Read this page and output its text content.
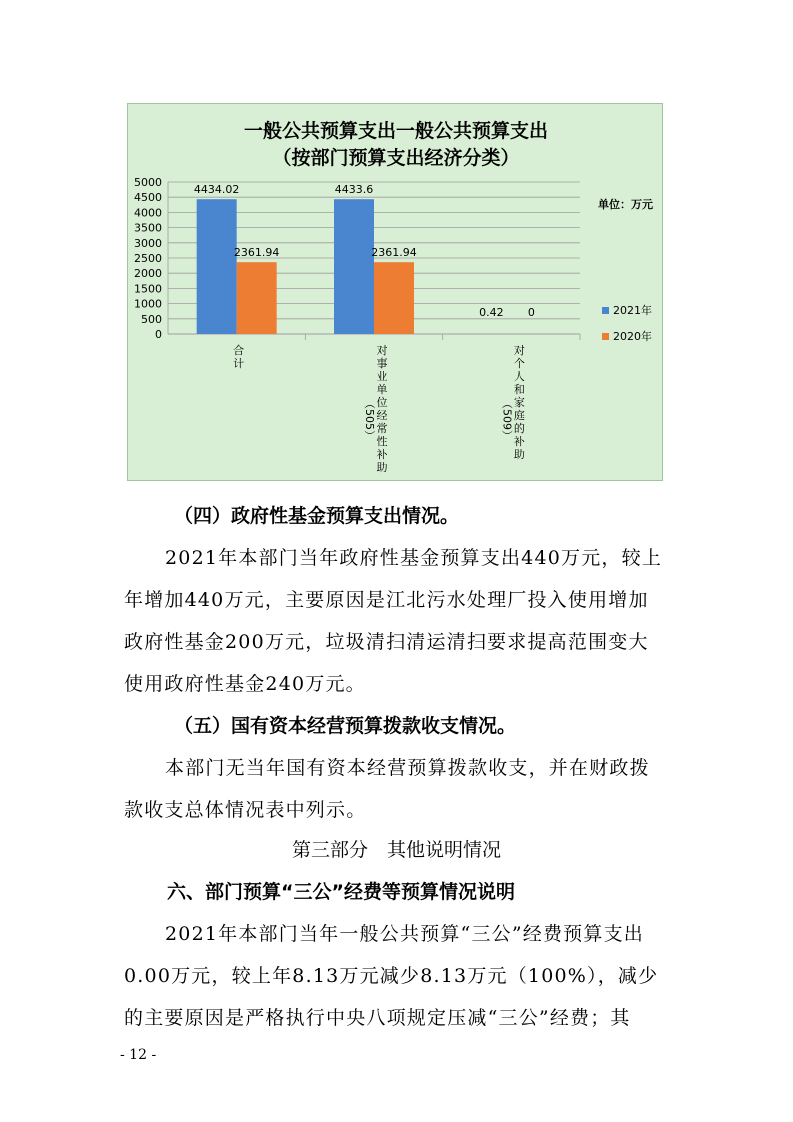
一般公共预算支出一般公共预算支出
（按部门预算支出经济分类）
单位：万元
0
500
1000
1500
2000
2500
3000
3500
4000
4500
5000
4434.02
2361.94
4433.6
2361.94
0.42 0
合
计
对
事
业
单
位
经
常
性
补
助
（505）
对
个
人
和
家
庭
的
补
助
（509）
2021年
2020年
（四）政府性基金预算支出情况。
2021年本部门当年政府性基金预算支出440万元，较上
年增加440万元，主要原因是江北污水处理厂投入使用增加
政府性基金200万元，垃圾清扫清运清扫要求提高范围变大
使用政府性基金240万元。
（五）国有资本经营预算拨款收支情况。
本部门无当年国有资本经营预算拨款收支，并在财政拨
款收支总体情况表中列示。
第三部分　其他说明情况
六、部门预算“三公”经费等预算情况说明
2021年本部门当年一般公共预算“三公”经费预算支出
0.00万元，较上年8.13万元减少8.13万元（100%），减少
的主要原因是严格执行中央八项规定压减“三公”经费；其
- 12 -
